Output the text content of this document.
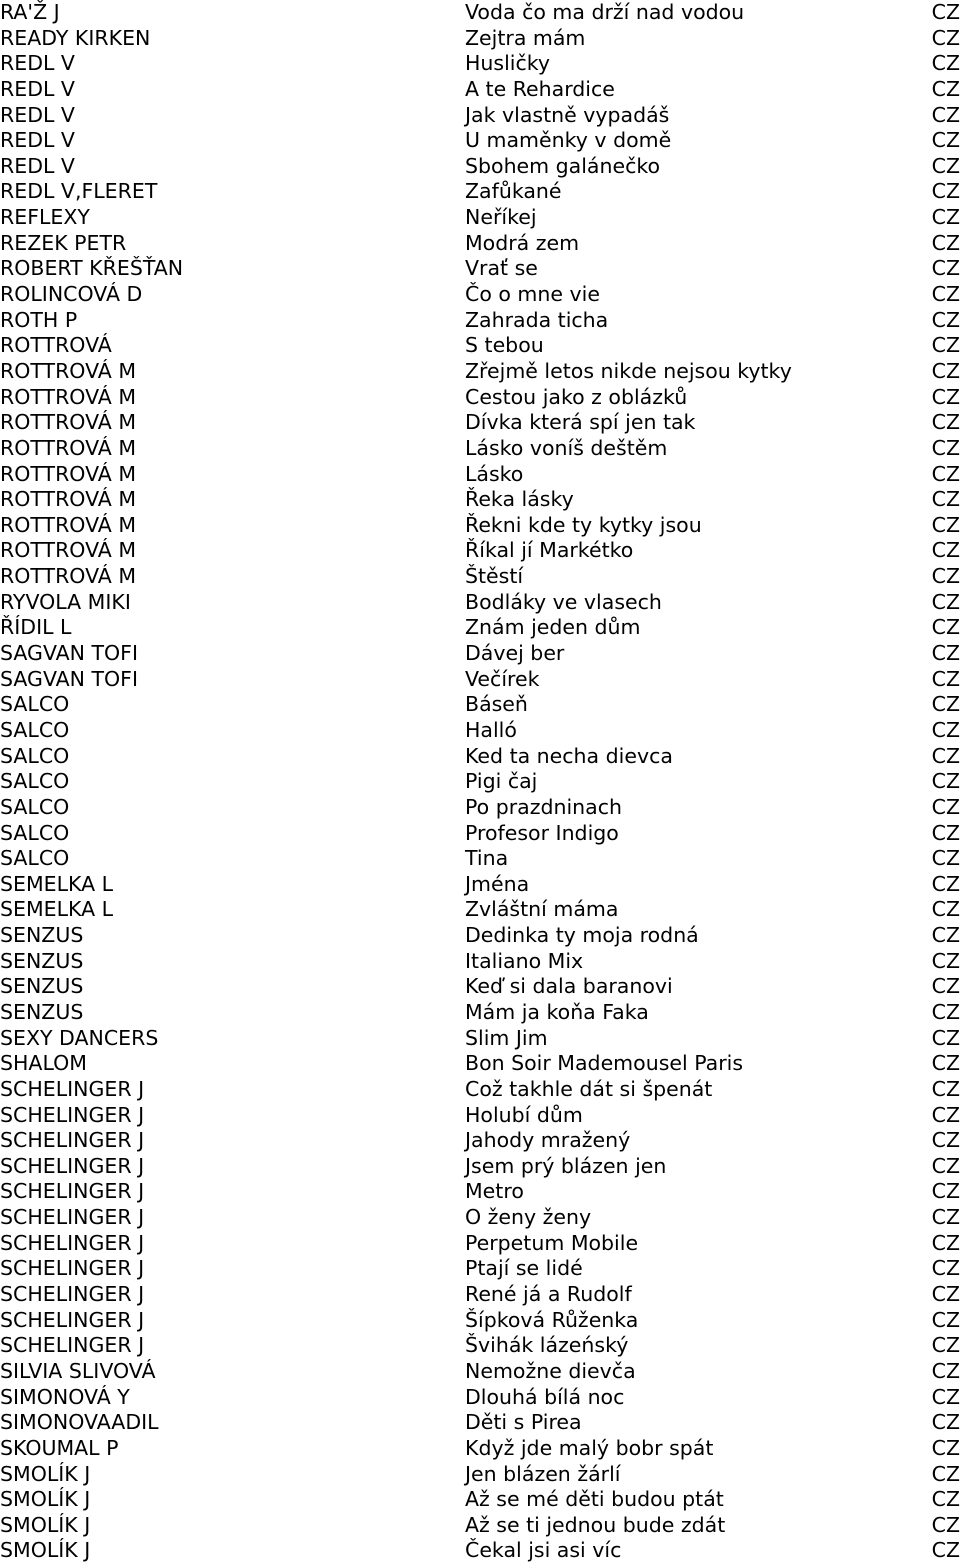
RA'Ž J	Voda čo ma drží nad vodou	CZ
READY KIRKEN	Zejtra mám	CZ
REDL V	Husličky	CZ
REDL V	A te Rehardice	CZ
REDL V	Jak vlastně vypadáš	CZ
REDL V	U maměnky v domě	CZ
REDL V	Sbohem galánečko	CZ
REDL V,FLERET	Zafůkané	CZ
REFLEXY	Neříkej	CZ
REZEK PETR	Modrá zem	CZ
ROBERT KŘEŠŤAN	Vrať se	CZ
ROLINCOVÁ D	Čo o mne vie	CZ
ROTH P	Zahrada ticha	CZ
ROTTROVÁ	S tebou	CZ
ROTTROVÁ M	Zřejmě letos nikde nejsou kytky	CZ
ROTTROVÁ M	Cestou jako z oblázků	CZ
ROTTROVÁ M	Dívka která spí jen tak	CZ
ROTTROVÁ M	Lásko voníš deštěm	CZ
ROTTROVÁ M	Lásko	CZ
ROTTROVÁ M	Řeka lásky	CZ
ROTTROVÁ M	Řekni kde ty kytky jsou	CZ
ROTTROVÁ M	Říkal jí Markétko	CZ
ROTTROVÁ M	Štěstí	CZ
RYVOLA MIKI	Bodláky ve vlasech	CZ
ŘÍDIL L	Znám jeden dům	CZ
SAGVAN TOFI	Dávej ber	CZ
SAGVAN TOFI	Večírek	CZ
SALCO	Báseň	CZ
SALCO	Halló	CZ
SALCO	Ked ta necha dievca	CZ
SALCO	Pigi čaj	CZ
SALCO	Po prazdninach	CZ
SALCO	Profesor Indigo	CZ
SALCO	Tina	CZ
SEMELKA L	Jména	CZ
SEMELKA L	Zvláštní máma	CZ
SENZUS	Dedinka ty moja rodná	CZ
SENZUS	Italiano Mix	CZ
SENZUS	Keď si dala baranovi	CZ
SENZUS	Mám ja koňa Faka	CZ
SEXY DANCERS	Slim Jim	CZ
SHALOM	Bon Soir Mademousel Paris	CZ
SCHELINGER J	Což takhle dát si špenát	CZ
SCHELINGER J	Holubí dům	CZ
SCHELINGER J	Jahody mražený	CZ
SCHELINGER J	Jsem prý blázen jen	CZ
SCHELINGER J	Metro	CZ
SCHELINGER J	O ženy ženy	CZ
SCHELINGER J	Perpetum Mobile	CZ
SCHELINGER J	Ptají se lidé	CZ
SCHELINGER J	René já a Rudolf	CZ
SCHELINGER J	Šípková Růženka	CZ
SCHELINGER J	Švihák lázeńský	CZ
SILVIA SLIVOVÁ	Nemožne dievča	CZ
SIMONOVÁ Y	Dlouhá bílá noc	CZ
SIMONOVAADIL	Děti s Pirea	CZ
SKOUMAL P	Když jde malý bobr spát	CZ
SMOLÍK J	Jen blázen žárlí	CZ
SMOLÍK J	Až se mé děti budou ptát	CZ
SMOLÍK J	Až se ti jednou bude zdát	CZ
SMOLÍK J	Čekal jsi asi víc	CZ
